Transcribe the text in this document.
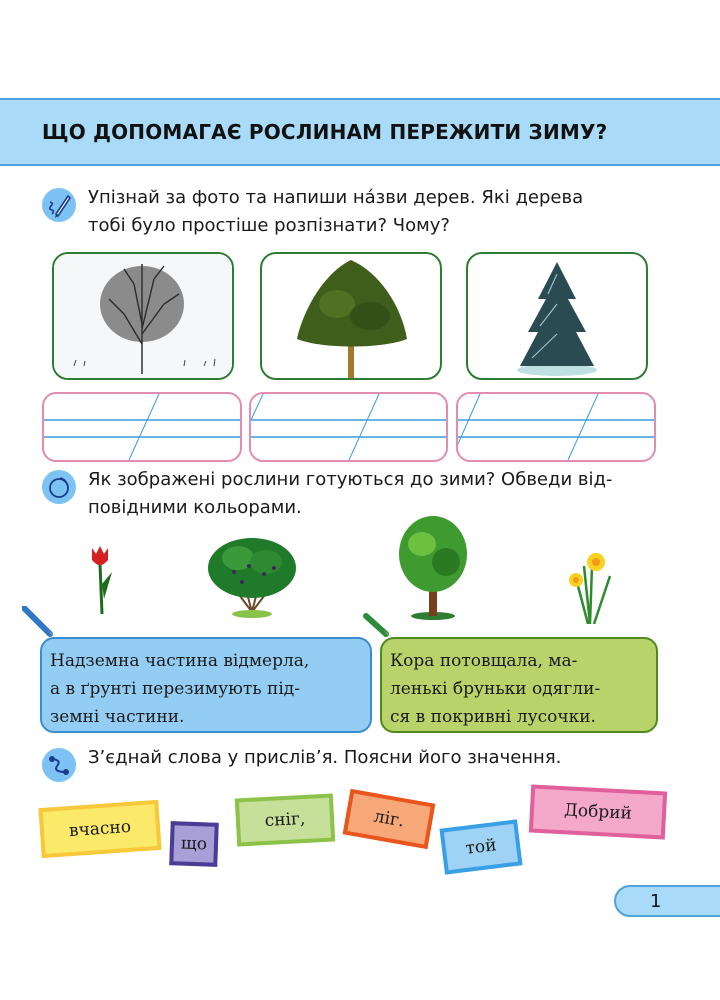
ЩО ДОПОМАГАЄ РОСЛИНАМ ПЕРЕЖИТИ ЗИМУ?
Упізнай за фото та напиши на́зви дерев. Які дерева
тобі було простіше розпізнати? Чому?
Як зображені рослини готуються до зими? Обведи від-
повідними кольорами.
Надземна частина відмерла,
а в ґрунті перезимують під-
земні частини.
Кора потовщала, ма-
ленькі бруньки одягли-
ся в покривні лусочки.
З’єднай слова у прислів’я. Поясни його значення.
вчасно
що
сніг,	ліг.
той
Добрий
1
